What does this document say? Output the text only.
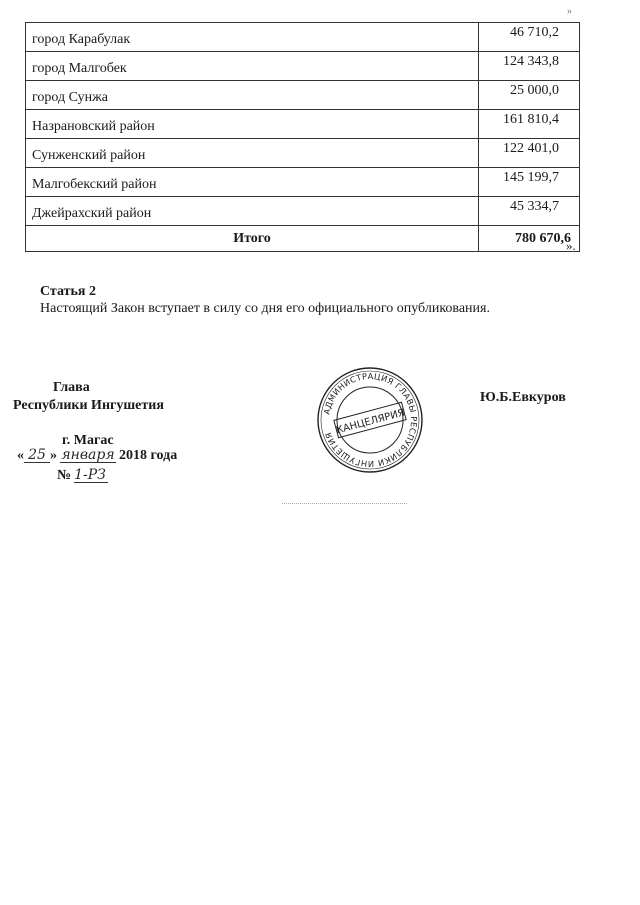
»
город Карабулак	46 710,2
город Малгобек	124 343,8
город Сунжа	25 000,0
Назрановский район	161 810,4
Сунженский район	122 401,0
Малгобекский район	145 199,7
Джейрахский район	45 334,7
Итого	780 670,6
».
Статья 2
Настоящий Закон вступает в силу со дня его официального опубликования.
Глава
Республики Ингушетия	АДМИНИСТРАЦИЯ ГЛАВЫ РЕСПУБЛИКИ ИНГУШЕТИЯ КАНЦЕЛЯРИЯ
Ю.Б.Евкуров
г. Магас
« 25 » января 2018 года
№ 1-РЗ
